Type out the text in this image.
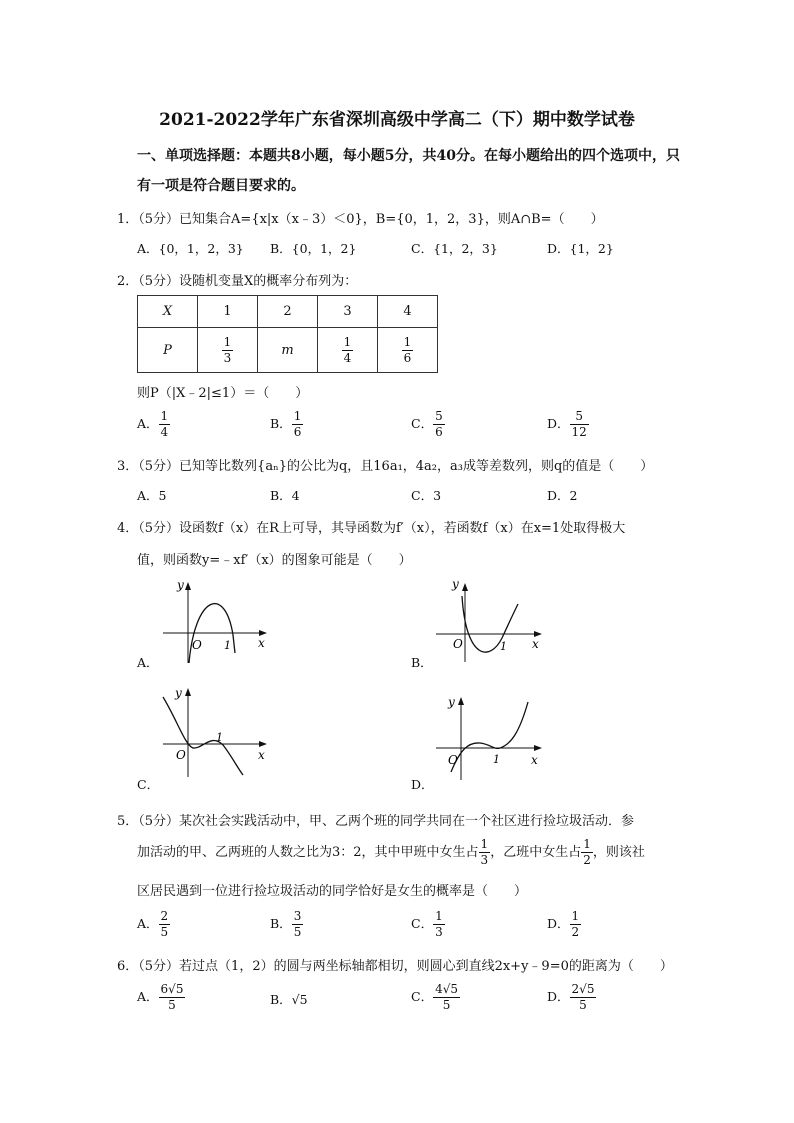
2021-2022学年广东省深圳高级中学高二（下）期中数学试卷
一、单项选择题：本题共8小题，每小题5分，共40分。在每小题给出的四个选项中，只
有一项是符合题目要求的。
1．（5分）已知集合A={x|x（x﹣3）＜0}，B={0，1，2，3}，则A∩B=（　　）
A．{0，1，2，3} B．{0，1，2}	C．{1，2，3}	D．{1，2}
2．（5分）设随机变量X的概率分布列为：
X	1	2	3	4
P	$\frac{1}{3}$	m	$\frac{1}{4}$	$\frac{1}{6}$
则P（|X﹣2|≤1）＝（　　）
A． $\frac{1}{4}$	B． $\frac{1}{6}$	C． $\frac{5}{6}$	D． $\frac{5}{12}$
3．（5分）已知等比数列{aₙ}的公比为q，且16a₁，4a₂，a₃成等差数列，则q的值是（　　）
A．5	B．4	C．3	D．2
4．（5分）设函数f（x）在R上可导，其导函数为f′（x），若函数f（x）在x=1处取得极大
值，则函数y=﹣xf′（x）的图象可能是（　　）
y
x
O 1
A．
y
x
O	1
B．
y
x
O
1
C．
y
x
O	1
D．
5．（5分）某次社会实践活动中，甲、乙两个班的同学共同在一个社区进行捡垃圾活动．参
加活动的甲、乙两班的人数之比为3：2，其中甲班中女生占 $\frac{1}{3}$ ，乙班中女生占 $\frac{1}{2}$ ，则该社
区居民遇到一位进行捡垃圾活动的同学恰好是女生的概率是（　　）
A． $\frac{2}{5}$	B． $\frac{3}{5}$	C． $\frac{1}{3}$	D． $\frac{1}{2}$
6．（5分）若过点（1，2）的圆与两坐标轴都相切，则圆心到直线2x+y﹣9=0的距离为（　　）
A． $\frac{6√5}{5}$	B．√5	C． $\frac{4√5}{5}$	D． $\frac{2√5}{5}$
